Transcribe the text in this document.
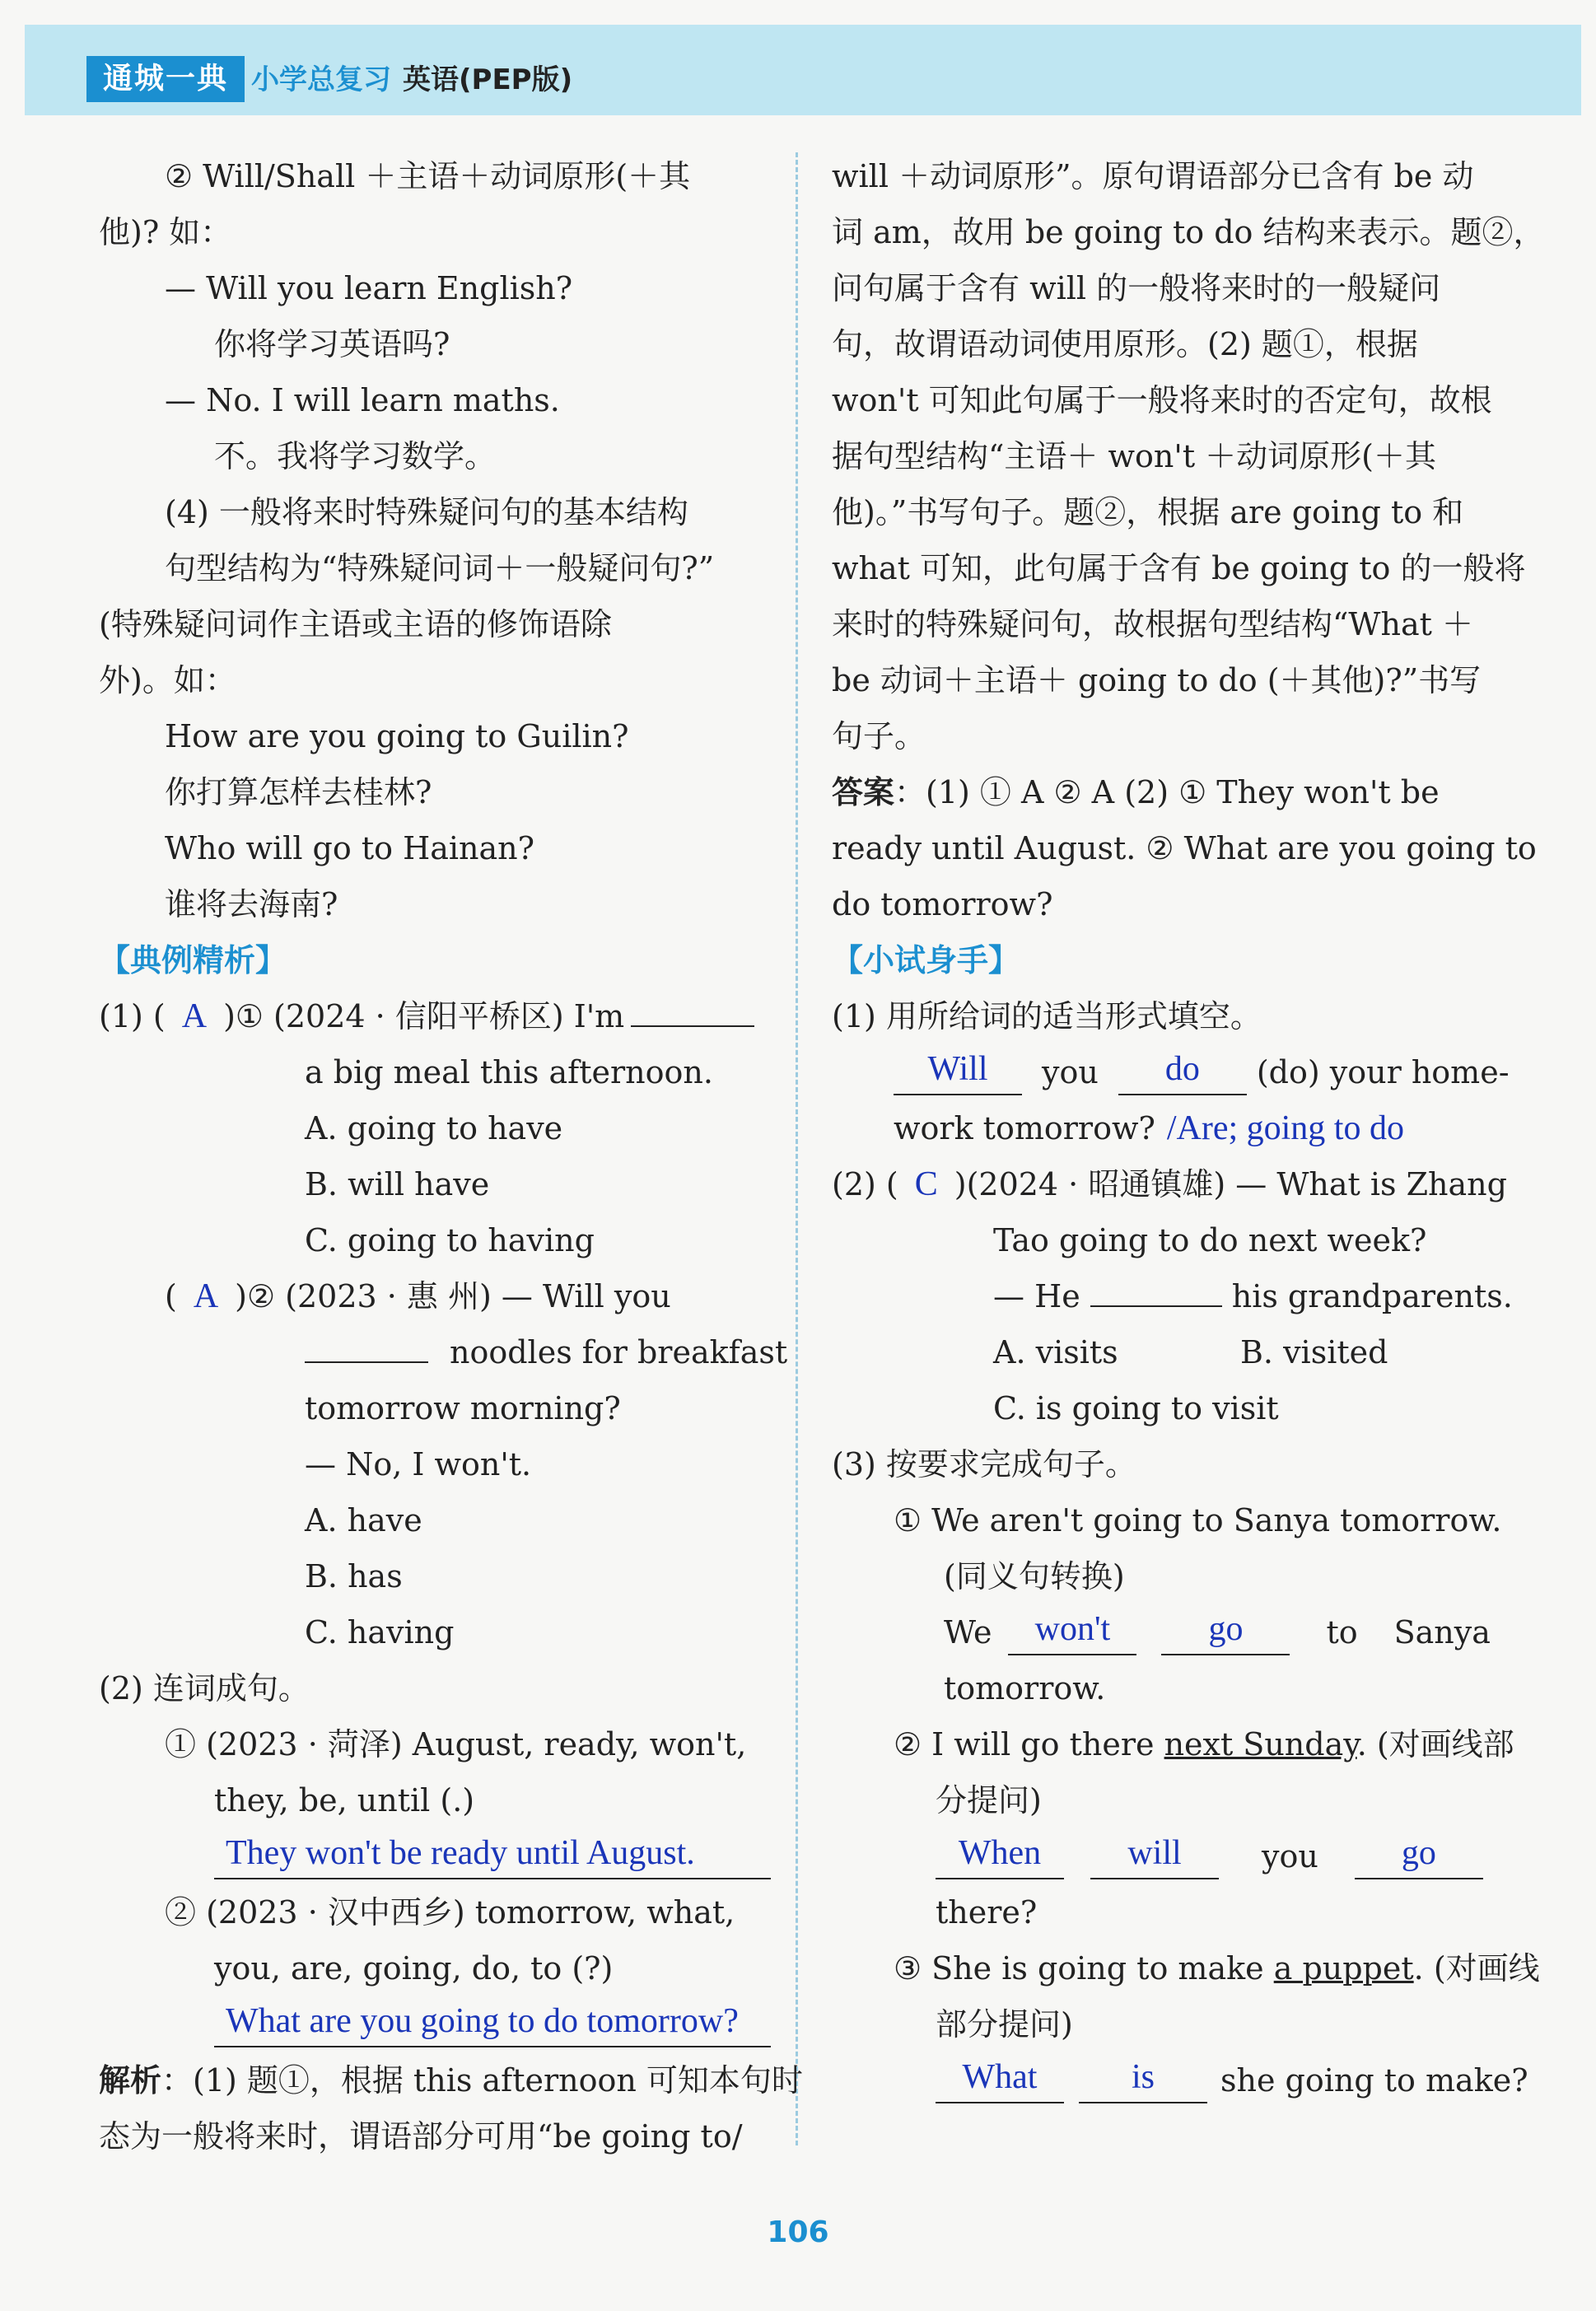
通城一典 小学总复习 英语(PEP版)
② Will/Shall ＋主语＋动词原形(＋其
他)? 如：
— Will you learn English?
你将学习英语吗?
— No. I will learn maths.
不。我将学习数学。
(4) 一般将来时特殊疑问句的基本结构
句型结构为“特殊疑问词＋一般疑问句?”
(特殊疑问词作主语或主语的修饰语除
外)。如：
How are you going to Guilin?
你打算怎样去桂林?
Who will go to Hainan?
谁将去海南?
【典例精析】
(1) ( A )① (2024 · 信阳平桥区) I'm
a big meal this afternoon.
A. going to have
B. will have
C. going to having
( A )② (2023 · 惠 州) — Will you
noodles for breakfast
tomorrow morning?
— No, I won't.
A. have
B. has
C. having
(2) 连词成句。
① (2023 · 菏泽) August, ready, won't,
they, be, until (.)
They won't be ready until August.
② (2023 · 汉中西乡) tomorrow, what,
you, are, going, do, to (?)
What are you going to do tomorrow?
解析：(1) 题①，根据 this afternoon 可知本句时
态为一般将来时，谓语部分可用“be going to/
will ＋动词原形”。原句谓语部分已含有 be 动
词 am，故用 be going to do 结构来表示。题②，
问句属于含有 will 的一般将来时的一般疑问
句，故谓语动词使用原形。(2) 题①，根据
won't 可知此句属于一般将来时的否定句，故根
据句型结构“主语＋ won't ＋动词原形(＋其
他)。”书写句子。题②，根据 are going to 和
what 可知，此句属于含有 be going to 的一般将
来时的特殊疑问句，故根据句型结构“What ＋
be 动词＋主语＋ going to do (＋其他)?”书写
句子。
答案：(1) ① A ② A (2) ① They won't be
ready until August. ② What are you going to
do tomorrow?
【小试身手】
(1) 用所给词的适当形式填空。
Will you do (do) your home-
work tomorrow? /Are; going to do
(2) ( C )(2024 · 昭通镇雄) — What is Zhang
Tao going to do next week?
— He	his grandparents.
A. visits	B. visited
C. is going to visit
(3) 按要求完成句子。
① We aren't going to Sanya tomorrow.
(同义句转换)
We won't	go	to Sanya
tomorrow.
② I will go there next Sunday. (对画线部
分提问)
When	will	you go
there?
③ She is going to make a puppet. (对画线
部分提问)
What	is she going to make?
106
